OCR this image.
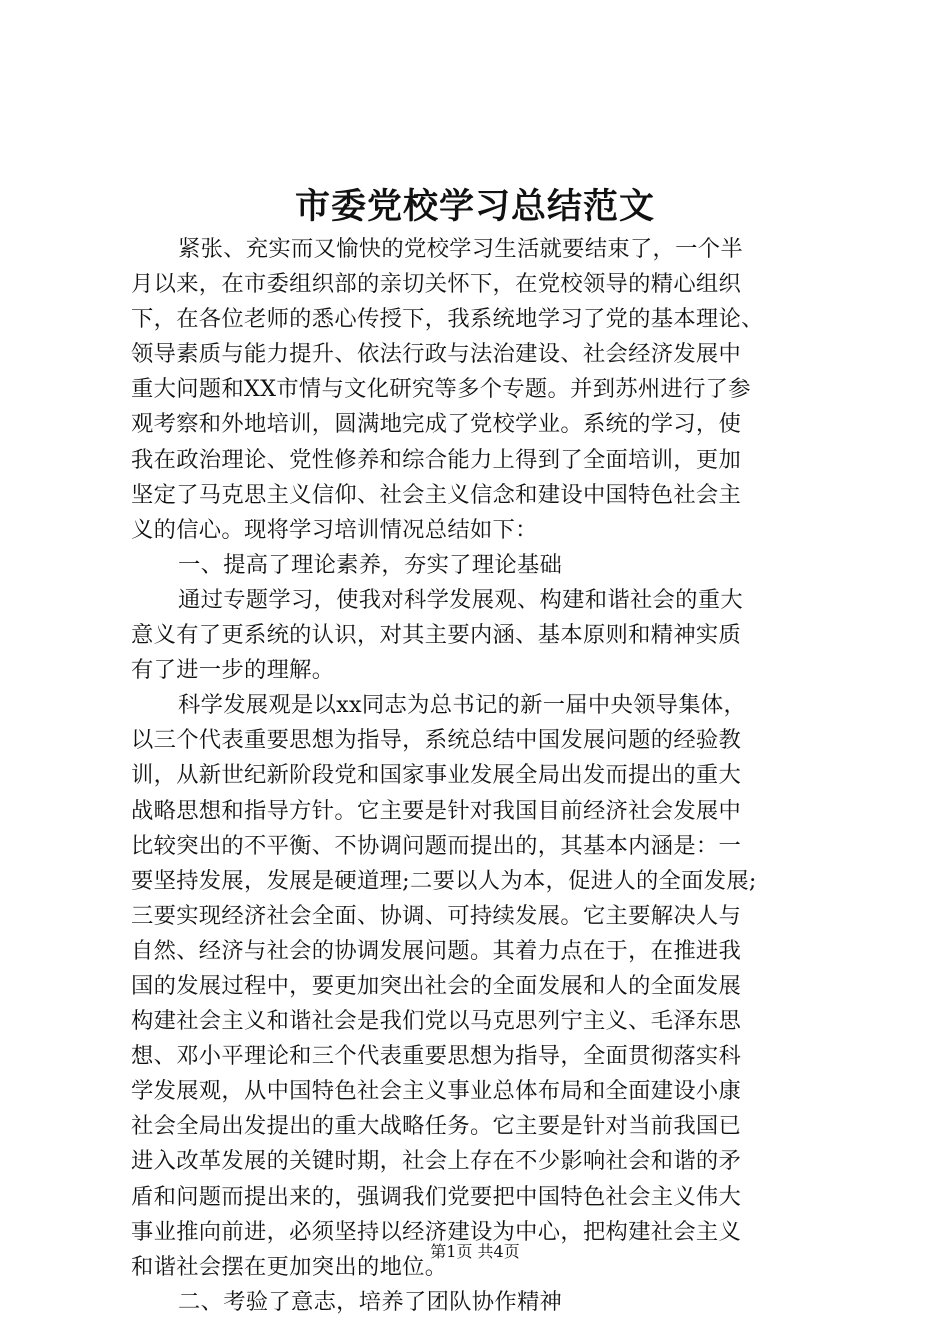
市委党校学习总结范文
紧张、充实而又愉快的党校学习生活就要结束了，一个半
月以来，在市委组织部的亲切关怀下，在党校领导的精心组织
下，在各位老师的悉心传授下，我系统地学习了党的基本理论、
领导素质与能力提升、依法行政与法治建设、社会经济发展中
重大问题和XX市情与文化研究等多个专题。并到苏州进行了参
观考察和外地培训，圆满地完成了党校学业。系统的学习，使
我在政治理论、党性修养和综合能力上得到了全面培训，更加
坚定了马克思主义信仰、社会主义信念和建设中国特色社会主
义的信心。现将学习培训情况总结如下：
一、提高了理论素养，夯实了理论基础
通过专题学习，使我对科学发展观、构建和谐社会的重大
意义有了更系统的认识，对其主要内涵、基本原则和精神实质
有了进一步的理解。
科学发展观是以xx同志为总书记的新一届中央领导集体，
以三个代表重要思想为指导，系统总结中国发展问题的经验教
训，从新世纪新阶段党和国家事业发展全局出发而提出的重大
战略思想和指导方针。它主要是针对我国目前经济社会发展中
比较突出的不平衡、不协调问题而提出的，其基本内涵是：一
要坚持发展，发展是硬道理;二要以人为本，促进人的全面发展;
三要实现经济社会全面、协调、可持续发展。它主要解决人与
自然、经济与社会的协调发展问题。其着力点在于，在推进我
国的发展过程中，要更加突出社会的全面发展和人的全面发展
构建社会主义和谐社会是我们党以马克思列宁主义、毛泽东思
想、邓小平理论和三个代表重要思想为指导，全面贯彻落实科
学发展观，从中国特色社会主义事业总体布局和全面建设小康
社会全局出发提出的重大战略任务。它主要是针对当前我国已
进入改革发展的关键时期，社会上存在不少影响社会和谐的矛
盾和问题而提出来的，强调我们党要把中国特色社会主义伟大
事业推向前进，必须坚持以经济建设为中心，把构建社会主义
和谐社会摆在更加突出的地位。
二、考验了意志，培养了团队协作精神
第1页 共4页
